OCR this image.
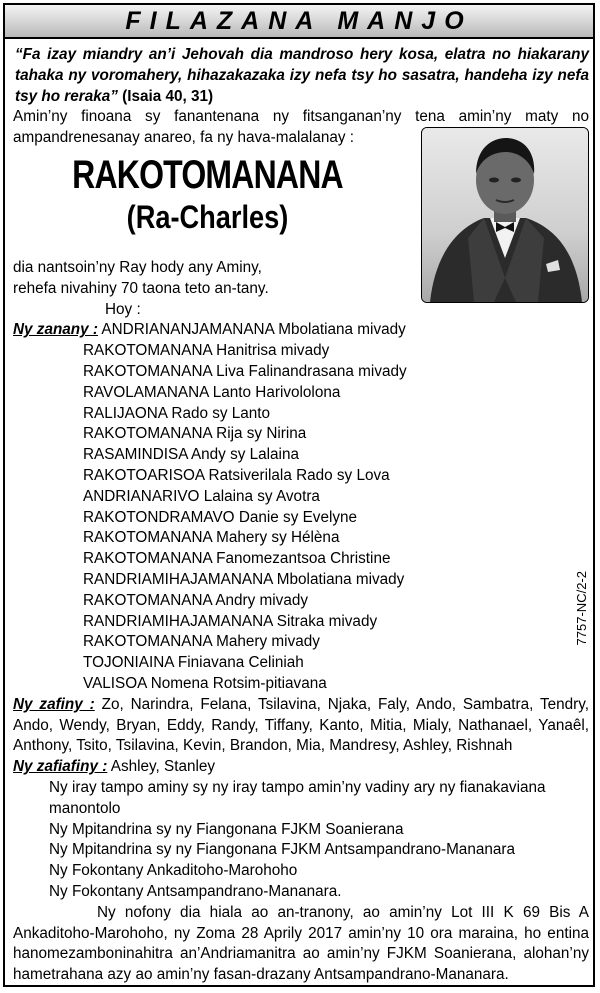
FILAZANA MANJO
“Fa izay miandry an’i Jehovah dia mandroso hery kosa, elatra no hiakarany tahaka ny voromahery, hihazakazaka izy nefa tsy ho sasatra, handeha izy nefa tsy ho reraka” (Isaia 40, 31)
Amin’ny finoana sy fanantenana ny fitsanganan’ny tena amin’ny maty no ampandrenesanay anareo, fa ny hava-malalanay :
RAKOTOMANANA
(Ra-Charles)
dia nantsoin’ny Ray hody any Aminy,
rehefa nivahiny 70 taona teto an-tany.
Hoy :
Ny zanany : ANDRIANANJAMANANA Mbolatiana mivady
RAKOTOMANANA Hanitrisa mivady
RAKOTOMANANA Liva Falinandrasana mivady
RAVOLAMANANA Lanto Harivololona
RALIJAONA Rado sy Lanto
RAKOTOMANANA Rija sy Nirina
RASAMINDISA Andy sy Lalaina
RAKOTOARISOA Ratsiverilala Rado sy Lova
ANDRIANARIVO Lalaina sy Avotra
RAKOTONDRAMAVO Danie sy Evelyne
RAKOTOMANANA Mahery sy Hélèna
RAKOTOMANANA Fanomezantsoa Christine
RANDRIAMIHAJAMANANA Mbolatiana mivady
RAKOTOMANANA Andry mivady
RANDRIAMIHAJAMANANA Sitraka mivady
RAKOTOMANANA Mahery mivady
TOJONIAINA Finiavana Celiniah
VALISOA Nomena Rotsim-pitiavana
Ny zafiny : Zo, Narindra, Felana, Tsilavina, Njaka, Faly, Ando, Sambatra, Tendry, Ando, Wendy, Bryan, Eddy, Randy, Tiffany, Kanto, Mitia, Mialy, Nathanael, Yanaêl, Anthony, Tsito, Tsilavina, Kevin, Brandon, Mia, Mandresy, Ashley, Rishnah
Ny zafiafiny : Ashley, Stanley
Ny iray tampo aminy sy ny iray tampo amin’ny vadiny ary ny fianakaviana manontolo
Ny Mpitandrina sy ny Fiangonana FJKM Soanierana
Ny Mpitandrina sy ny Fiangonana FJKM Antsampandrano-Mananara
Ny Fokontany Ankaditoho-Marohoho
Ny Fokontany Antsampandrano-Mananara.
Ny nofony dia hiala ao an-tranony, ao amin’ny Lot III K 69 Bis A Ankaditoho-Marohoho, ny Zoma 28 Aprily 2017 amin’ny 10 ora maraina, ho entina hanomezamboninahitra an’Andriamanitra ao amin’ny FJKM Soanierana, alohan’ny hametrahana azy ao amin’ny fasan-drazany Antsampandrano-Mananara.
7757-NC/2-2
